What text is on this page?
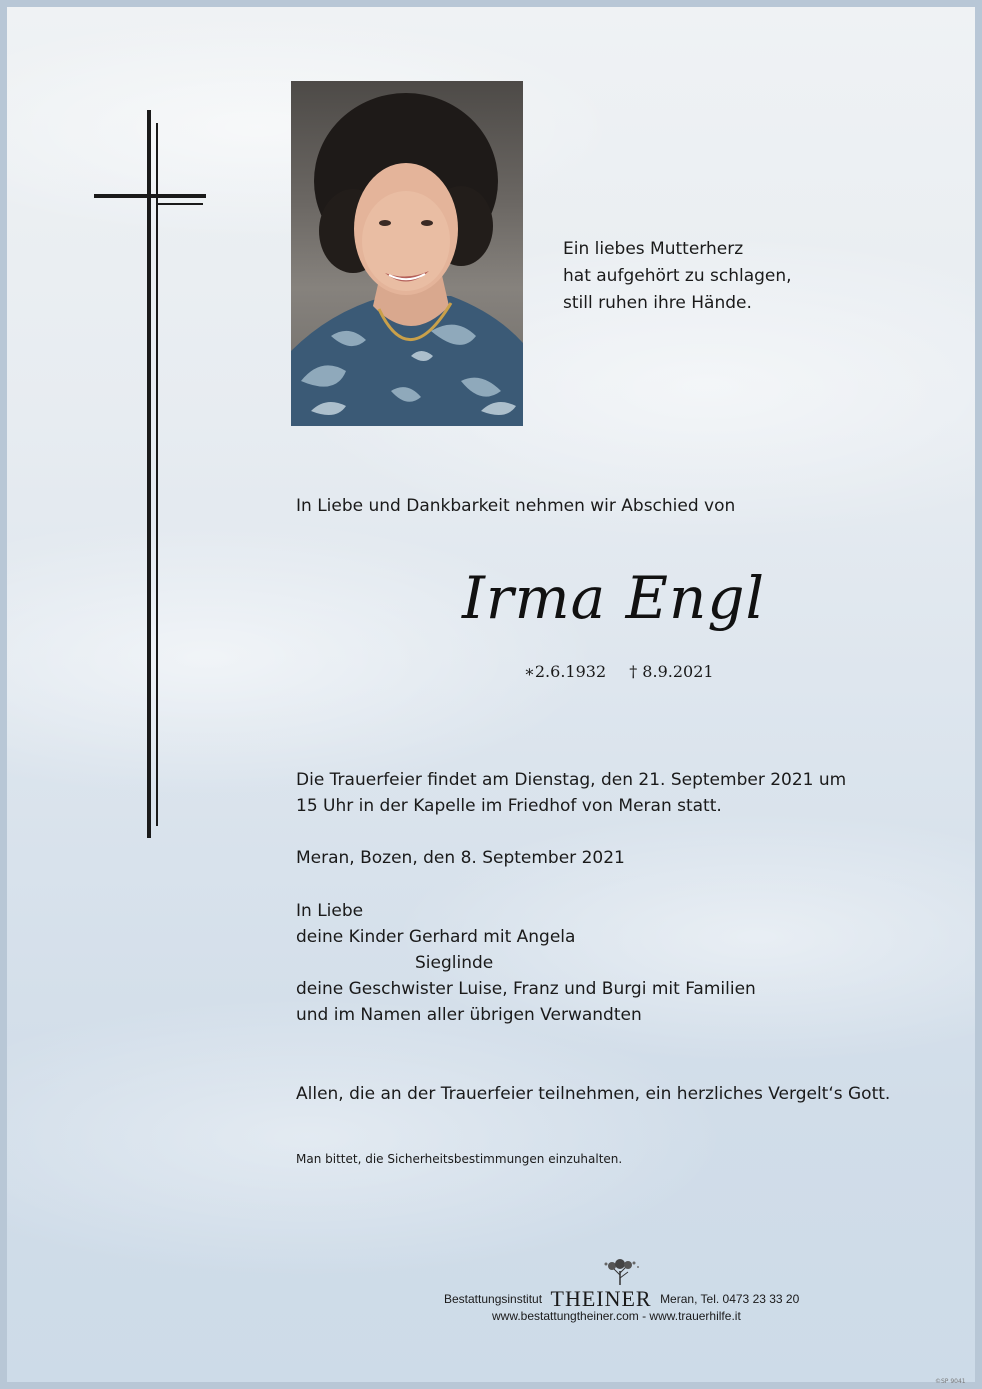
Ein liebes Mutterherz
hat aufgehört zu schlagen,
still ruhen ihre Hände.
In Liebe und Dankbarkeit nehmen wir Abschied von
Irma Engl
∗2.6.1932 † 8.9.2021
Die Trauerfeier findet am Dienstag, den 21. September 2021 um
15 Uhr in der Kapelle im Friedhof von Meran statt.
Meran, Bozen, den 8. September 2021
In Liebe
deine Kinder Gerhard mit Angela
Sieglinde
deine Geschwister Luise, Franz und Burgi mit Familien
und im Namen aller übrigen Verwandten
Allen, die an der Trauerfeier teilnehmen, ein herzliches Vergelt‘s Gott.
Man bittet, die Sicherheitsbestimmungen einzuhalten.
Bestattungsinstitut THEINER Meran, Tel. 0473 23 33 20
www.bestattungtheiner.com - www.trauerhilfe.it
©SP 9041
